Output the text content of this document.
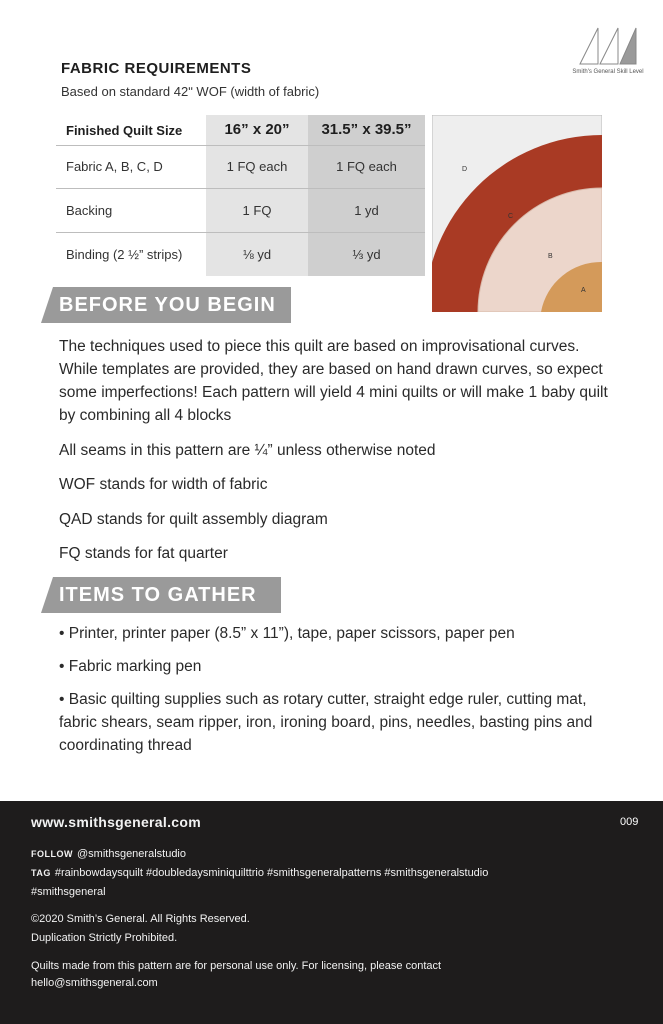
Smith's General Skill Level
FABRIC REQUIREMENTS
Based on standard 42ʺ WOF (width of fabric)
Finished Quilt Size	16” x 20”	31.5” x 39.5”
Fabric A, B, C, D	1 FQ each	1 FQ each
Backing	1 FQ	1 yd
Binding (2 ½” strips)	⅛ yd	⅓ yd
D
C
B
A
BEFORE YOU BEGIN
The techniques used to piece this quilt are based on improvisational curves. While templates are provided, they are based on hand drawn curves, so expect some imperfections! Each pattern will yield 4 mini quilts or will make 1 baby quilt by combining all 4 blocks
All seams in this pattern are ¼” unless otherwise noted
WOF stands for width of fabric
QAD stands for quilt assembly diagram
FQ stands for fat quarter
ITEMS TO GATHER
• Printer, printer paper (8.5” x 11”), tape, paper scissors, paper pen
• Fabric marking pen
• Basic quilting supplies such as rotary cutter, straight edge ruler, cutting mat, fabric shears, seam ripper, iron, ironing board, pins, needles, basting pins and coordinating thread
www.smithsgeneral.com	009
FOLLOW @smithsgeneralstudio
TAG #rainbowdaysquilt #doubledaysminiquilttrio #smithsgeneralpatterns #smithsgeneralstudio
#smithsgeneral
©2020 Smith’s General. All Rights Reserved.
Duplication Strictly Prohibited.
Quilts made from this pattern are for personal use only. For licensing, please contact
hello@smithsgeneral.com
